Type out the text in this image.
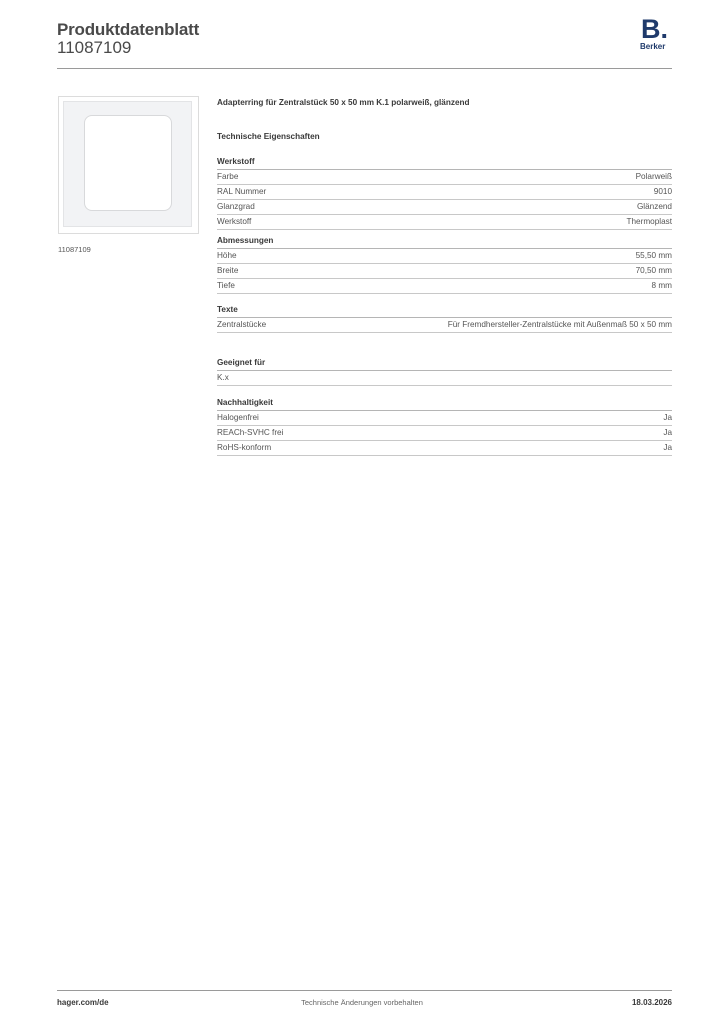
Produktdatenblatt
11087109
B.
Berker
11087109
Adapterring für Zentralstück 50 x 50 mm K.1 polarweiß, glänzend
Technische Eigenschaften
Werkstoff
Farbe	Polarweiß
RAL Nummer	9010
Glanzgrad	Glänzend
Werkstoff	Thermoplast
Abmessungen
Höhe	55,50 mm
Breite	70,50 mm
Tiefe	8 mm
Texte
Zentralstücke	Für Fremdhersteller-Zentralstücke mit Außenmaß 50 x 50 mm
Geeignet für
K.x
Nachhaltigkeit
Halogenfrei	Ja
REACh-SVHC frei	Ja
RoHS-konform	Ja
hager.com/de	Technische Änderungen vorbehalten	18.03.2026
